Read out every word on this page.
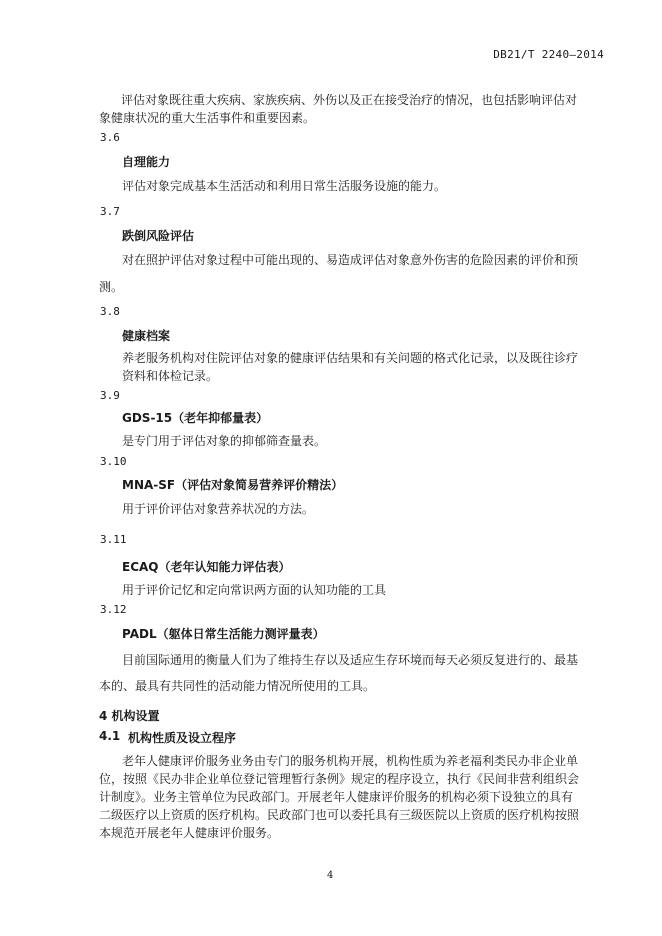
DB21/T 2240—2014
评估对象既往重大疾病、家族疾病、外伤以及正在接受治疗的情况，也包括影响评估对
象健康状况的重大生活事件和重要因素。
3.6
自理能力
评估对象完成基本生活活动和利用日常生活服务设施的能力。
3.7
跌倒风险评估
对在照护评估对象过程中可能出现的、易造成评估对象意外伤害的危险因素的评价和预
测。
3.8
健康档案
养老服务机构对住院评估对象的健康评估结果和有关问题的格式化记录，以及既往诊疗
资料和体检记录。
3.9
GDS-15（老年抑郁量表）
是专门用于评估对象的抑郁筛查量表。
3.10
MNA-SF（评估对象简易营养评价精法）
用于评价评估对象营养状况的方法。
3.11
ECAQ（老年认知能力评估表）
用于评价记忆和定向常识两方面的认知功能的工具
3.12
PADL（躯体日常生活能力测评量表）
目前国际通用的衡量人们为了维持生存以及适应生存环境而每天必须反复进行的、最基
本的、最具有共同性的活动能力情况所使用的工具。
4 机构设置
4.1 机构性质及设立程序
老年人健康评价服务业务由专门的服务机构开展，机构性质为养老福利类民办非企业单
位，按照《民办非企业单位登记管理暂行条例》规定的程序设立，执行《民间非营利组织会
计制度》。业务主管单位为民政部门。开展老年人健康评价服务的机构必须下设独立的具有
二级医疗以上资质的医疗机构。民政部门也可以委托具有三级医院以上资质的医疗机构按照
本规范开展老年人健康评价服务。
4
